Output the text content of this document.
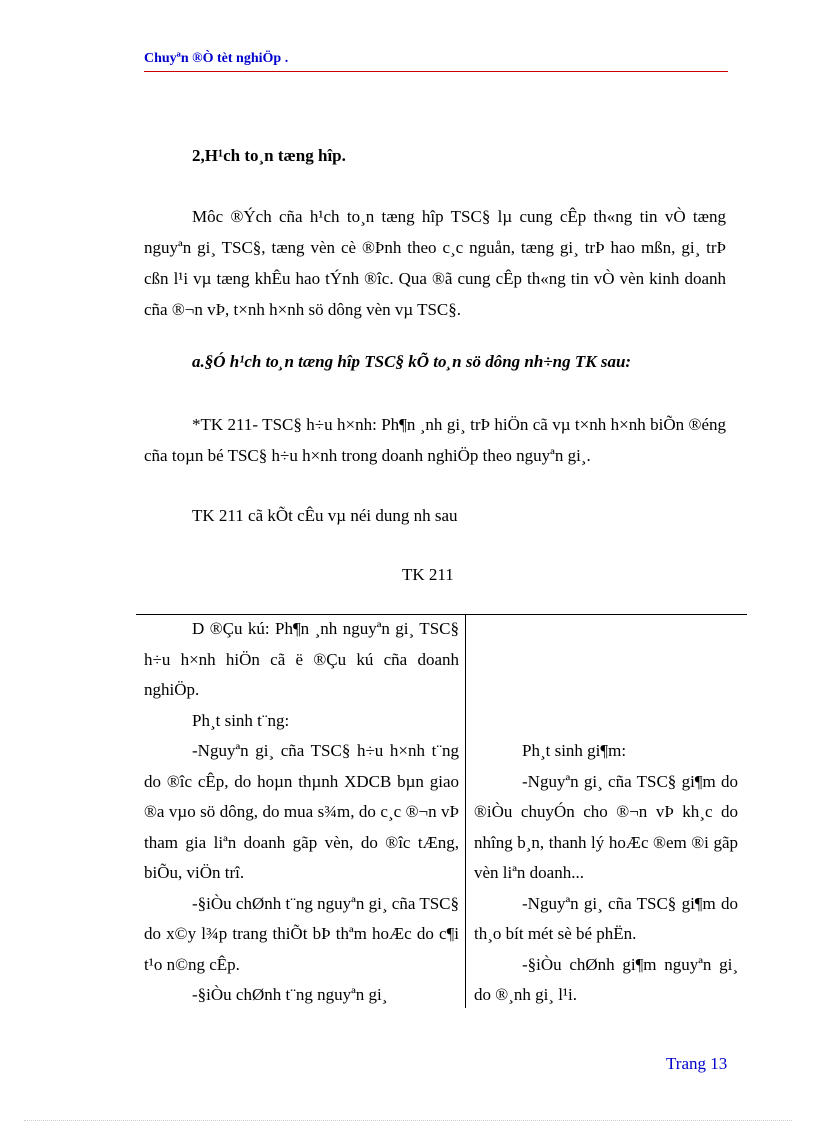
Chuyªn ®Ò tèt nghiÖp .
2,H¹ch to¸n tæng hîp.

Môc ®Ých cña h¹ch to¸n tæng hîp TSC§ lµ cung cÊp th«ng tin vÒ tæng nguyªn gi¸ TSC§, tæng vèn cè ®Þnh theo c¸c nguån, tæng gi¸ trÞ hao mßn, gi¸ trÞ cßn l¹i vµ tæng khÊu hao tÝnh ®îc. Qua ®ã cung cÊp th«ng tin vÒ vèn kinh doanh cña ®¬n vÞ, t×nh h×nh sö dông vèn vµ TSC§.

a.§Ó h¹ch to¸n tæng hîp TSC§ kÕ to¸n sö dông nh÷ng TK sau:

*TK 211- TSC§ h÷u h×nh: Ph¶n ¸nh gi¸ trÞ hiÖn cã vµ t×nh h×nh biÕn ®éng cña toµn bé TSC§ h÷u h×nh trong doanh nghiÖp theo nguyªn gi¸.

TK 211 cã kÕt cÊu vµ néi dung nh sau
TK 211

D ®Çu kú: Ph¶n ¸nh nguyªn gi¸ TSC§ h÷u h×nh hiÖn cã ë ®Çu kú cña doanh nghiÖp.

Ph¸t sinh t¨ng:

-Nguyªn gi¸ cña TSC§ h÷u h×nh t¨ng do ®îc cÊp, do hoµn thµnh XDCB bµn giao ®a vµo sö dông, do mua s¾m, do c¸c ®¬n vÞ tham gia liªn doanh gãp vèn, do ®îc tÆng, biÕu, viÖn trî.

-§iÒu chØnh t¨ng nguyªn gi¸ cña TSC§ do x©y l¾p trang thiÕt bÞ thªm hoÆc do c¶i t¹o n©ng cÊp.

-§iÒu chØnh t¨ng nguyªn gi¸

Ph¸t sinh gi¶m:

-Nguyªn gi¸ cña TSC§ gi¶m do ®iÒu chuyÓn cho ®¬n vÞ kh¸c do nhîng b¸n, thanh lý hoÆc ®em ®i gãp vèn liªn doanh...

-Nguyªn gi¸ cña TSC§ gi¶m do th¸o bít mét sè bé phËn.

-§iÒu chØnh gi¶m nguyªn gi¸ do ®¸nh gi¸ l¹i.

Trang 13
